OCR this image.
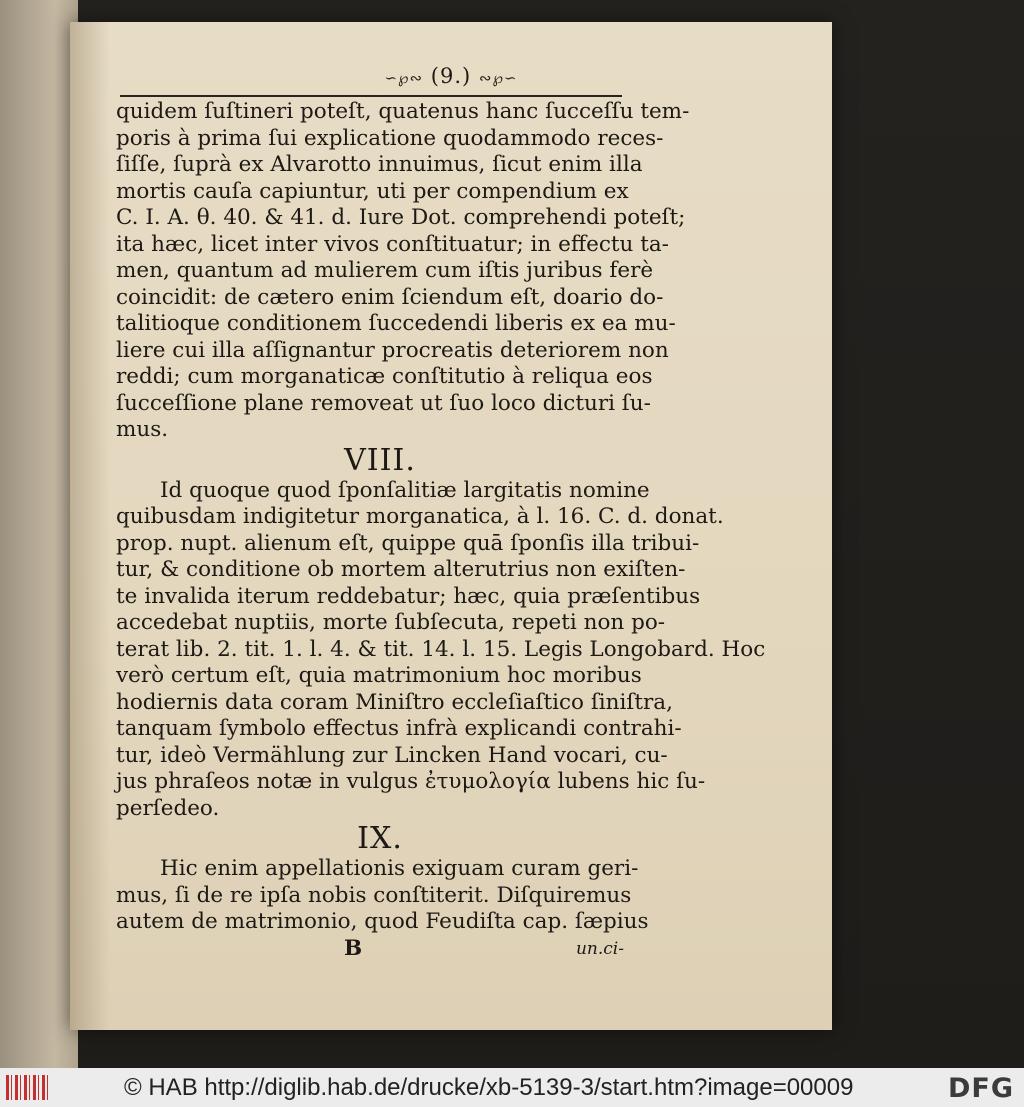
∽℘∾ (9.) ∾℘∽
quidem ſuſtineri poteſt, quatenus hanc ſucceſſu tem-
poris à prima ſui explicatione quodammodo reces-
ſiſſe, ſuprà ex Alvarotto innuimus, ſicut enim illa
mortis cauſa capiuntur, uti per compendium ex
C. I. A. θ. 40. & 41. d. Iure Dot. comprehendi poteſt;
ita hæc, licet inter vivos conſtituatur; in effectu ta-
men, quantum ad mulierem cum iſtis juribus ferè
coincidit: de cætero enim ſciendum eſt, doario do-
talitioque conditionem ſuccedendi liberis ex ea mu-
liere cui illa aſſignantur procreatis deteriorem non
reddi; cum morganaticæ conſtitutio à reliqua eos
ſucceſſione plane removeat ut ſuo loco dicturi ſu-
mus.
VIII.
Id quoque quod ſponſalitiæ largitatis nomine
quibusdam indigitetur morganatica, à l. 16. C. d. donat.
prop. nupt. alienum eſt, quippe quā ſponſis illa tribui-
tur, & conditione ob mortem alterutrius non exiſten-
te invalida iterum reddebatur; hæc, quia præſentibus
accedebat nuptiis, morte ſubſecuta, repeti non po-
terat lib. 2. tit. 1. l. 4. & tit. 14. l. 15. Legis Longobard. Hoc
verò certum eſt, quia matrimonium hoc moribus
hodiernis data coram Miniſtro eccleſiaſtico ſiniſtra,
tanquam ſymbolo effectus infrà explicandi contrahi-
tur, ideò Vermählung zur Lincken Hand vocari, cu-
jus phraſeos notæ in vulgus ἐτυμολογία lubens hic ſu-
perſedeo.
IX.
Hic enim appellationis exiguam curam geri-
mus, ſi de re ipſa nobis conſtiterit. Diſquiremus
autem de matrimonio, quod Feudiſta cap. ſæpius
B	un.ci-
© HAB http://diglib.hab.de/drucke/xb-5139-3/start.htm?image=00009	DFG
